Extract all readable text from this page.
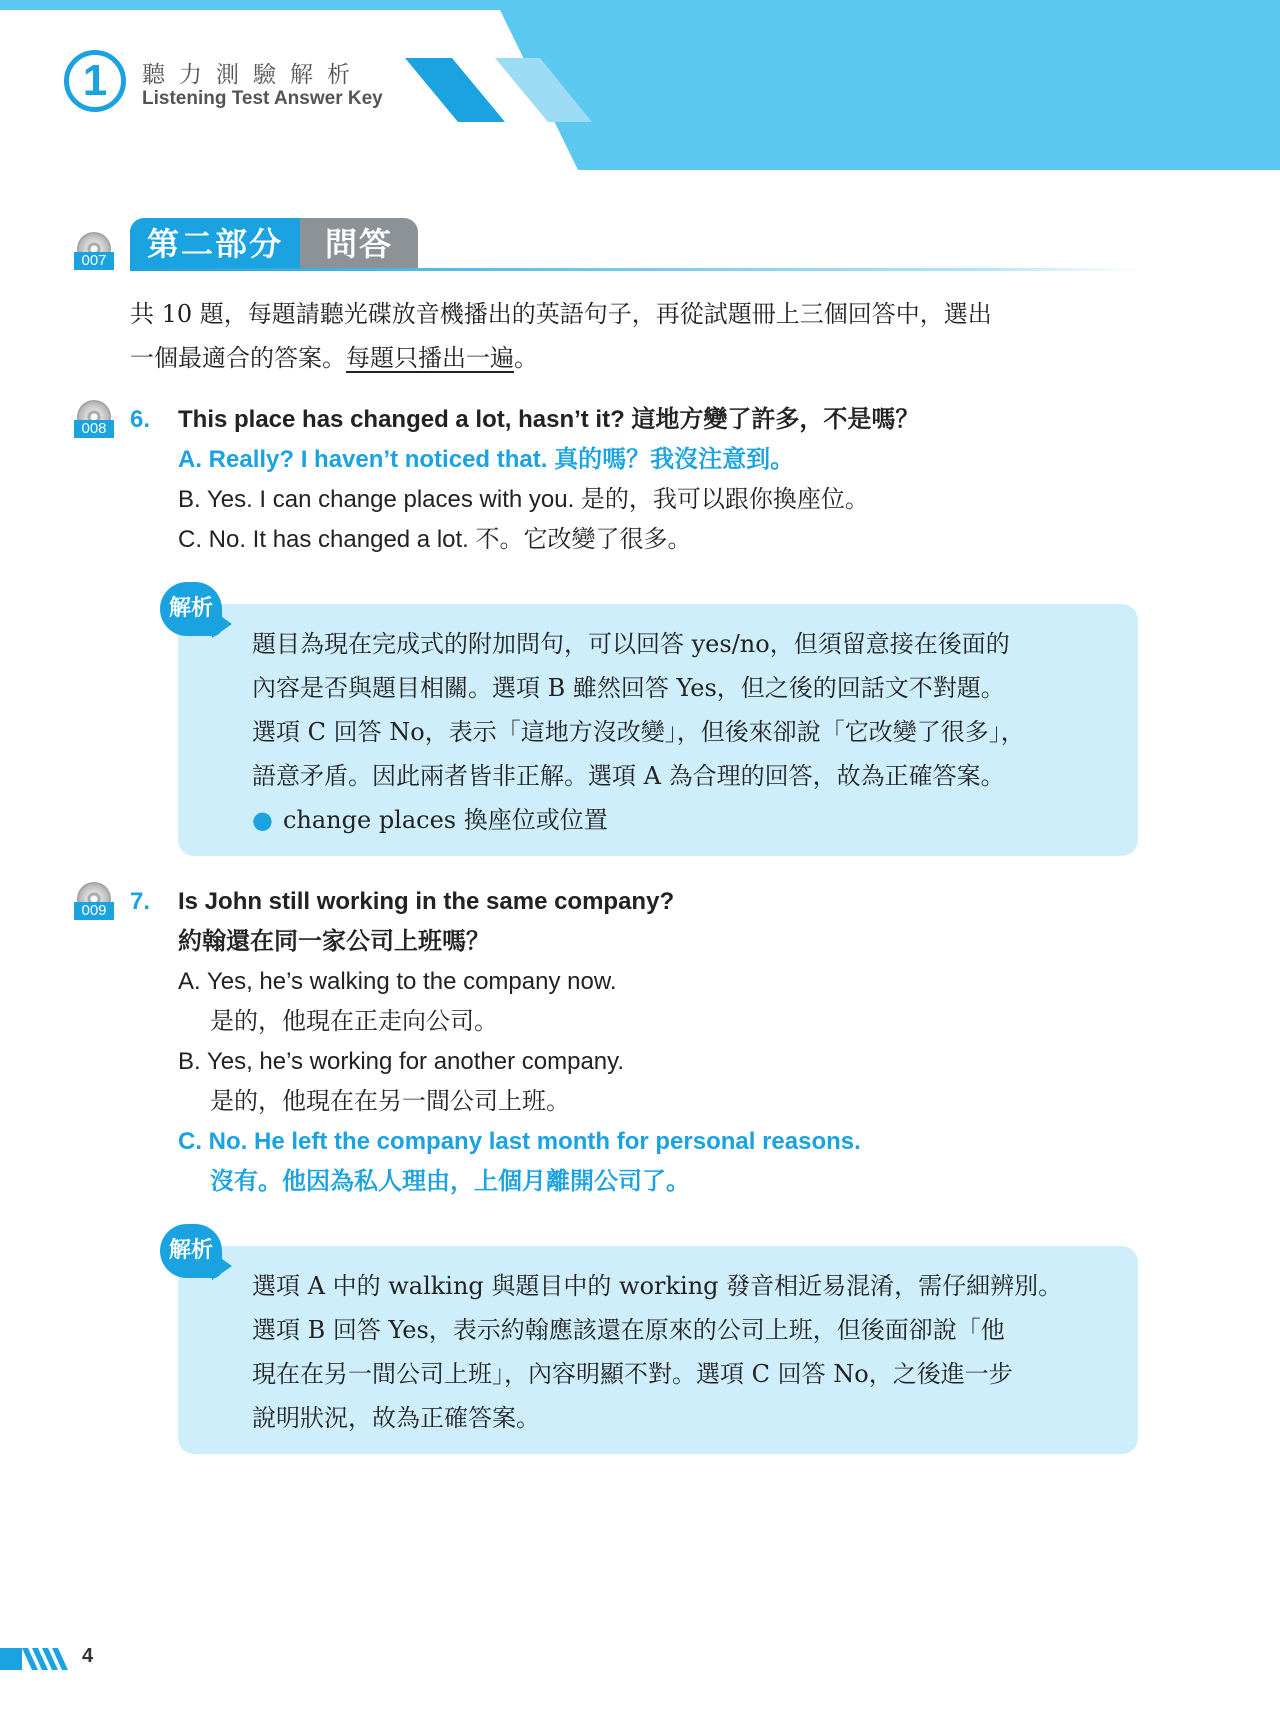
1	聽力測驗解析
Listening Test Answer Key
007	第二部分	問答
共 10 題，每題請聽光碟放音機播出的英語句子，再從試題冊上三個回答中，選出
一個最適合的答案。每題只播出一遍。
008 6. This place has changed a lot, hasn’t it? 這地方變了許多，不是嗎？
A. Really? I haven’t noticed that. 真的嗎？我沒注意到。
B. Yes. I can change places with you. 是的，我可以跟你換座位。
C. No. It has changed a lot. 不。它改變了很多。
題目為現在完成式的附加問句，可以回答 yes/no，但須留意接在後面的
內容是否與題目相關。選項 B 雖然回答 Yes，但之後的回話文不對題。
選項 C 回答 No，表示「這地方沒改變」，但後來卻說「它改變了很多」，
語意矛盾。因此兩者皆非正解。選項 A 為合理的回答，故為正確答案。
● change places 換座位或位置
解析
009 7. Is John still working in the same company?
約翰還在同一家公司上班嗎？
A. Yes, he’s walking to the company now.
是的，他現在正走向公司。
B. Yes, he’s working for another company.
是的，他現在在另一間公司上班。
C. No. He left the company last month for personal reasons.
沒有。他因為私人理由，上個月離開公司了。
選項 A 中的 walking 與題目中的 working 發音相近易混淆，需仔細辨別。
選項 B 回答 Yes，表示約翰應該還在原來的公司上班，但後面卻說「他
現在在另一間公司上班」，內容明顯不對。選項 C 回答 No，之後進一步
說明狀況，故為正確答案。
解析
4
